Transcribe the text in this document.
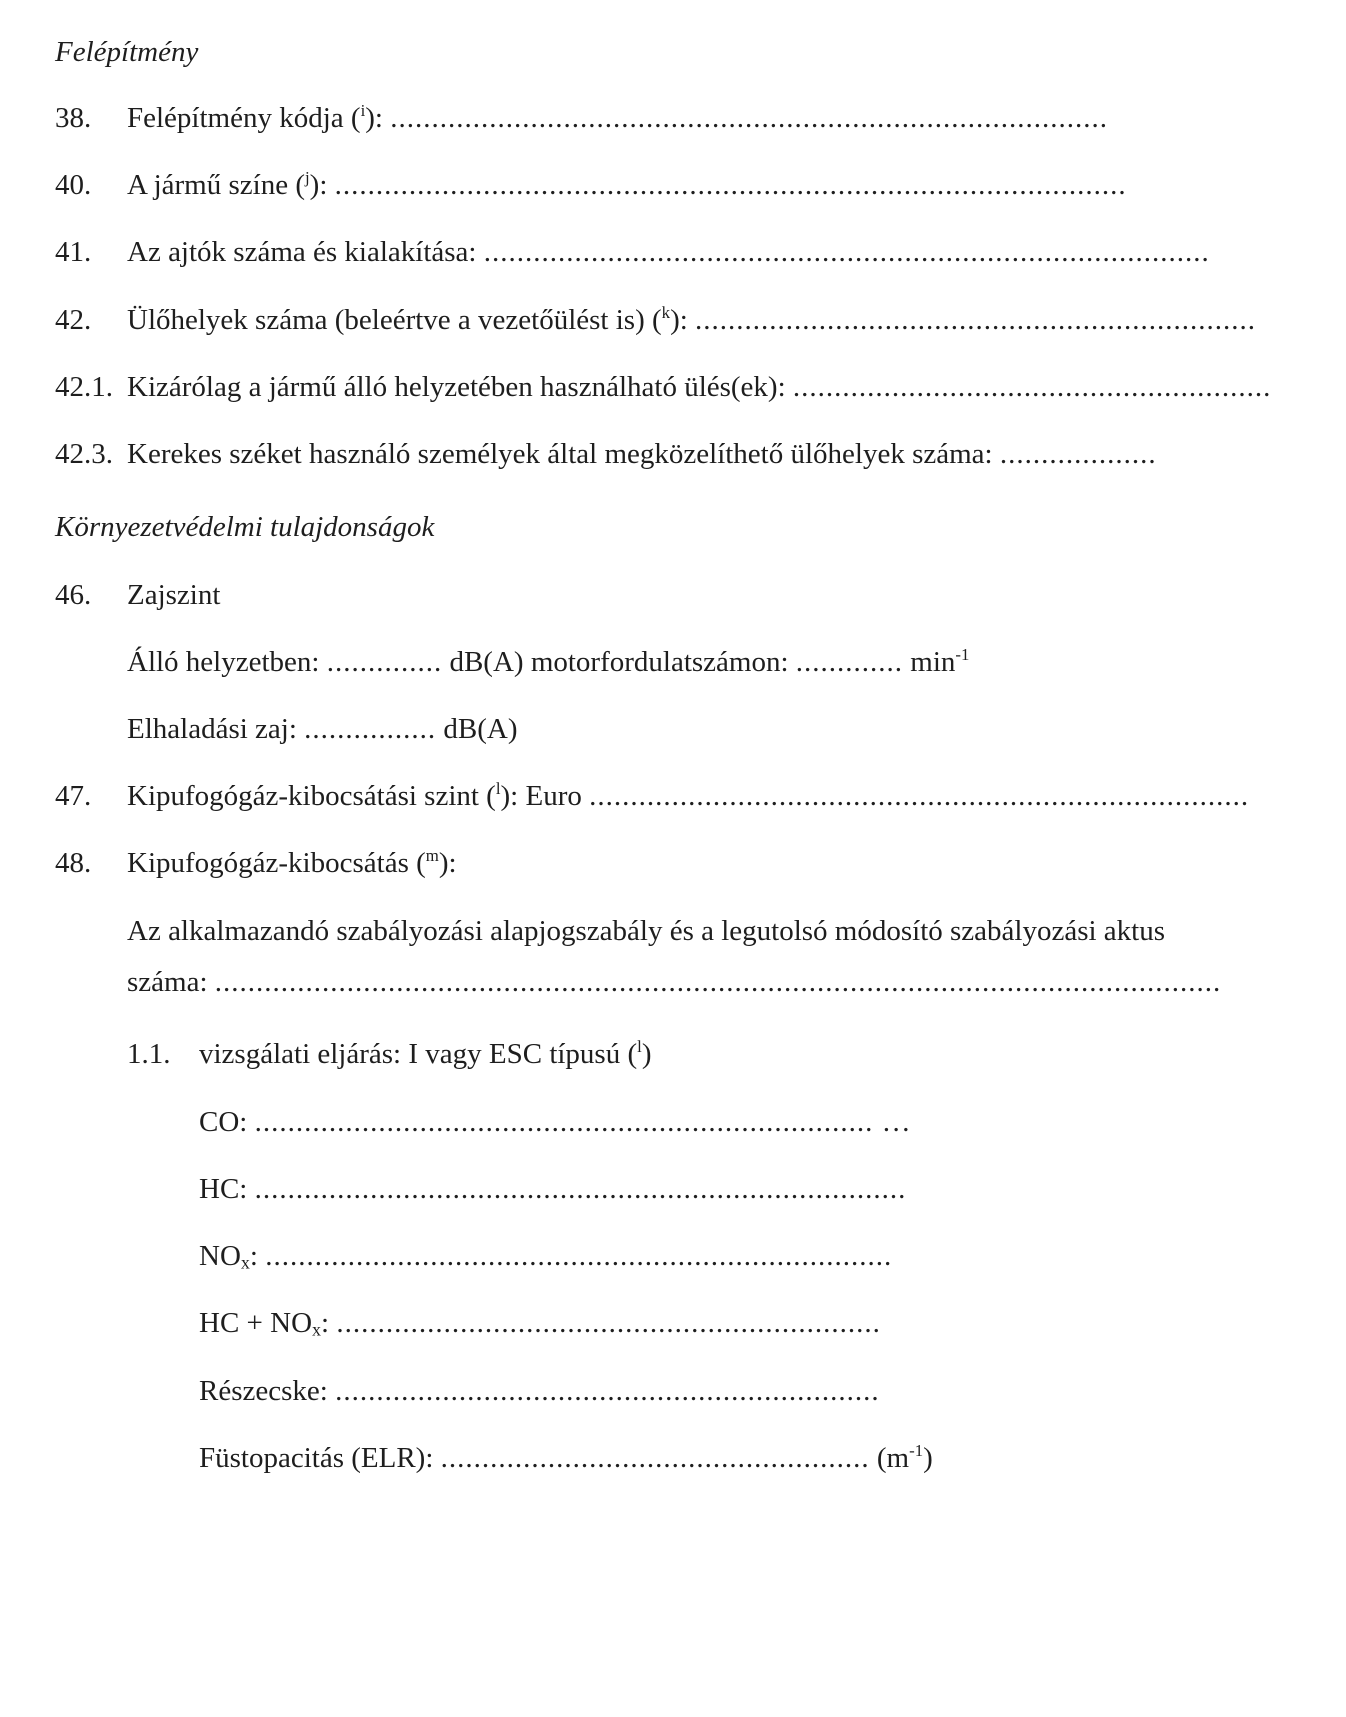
Felépítmény
38. Felépítmény kódja ($^i$): .......................................................................................
40. A jármű színe ($^j$): ................................................................................................
41. Az ajtók száma és kialakítása: ........................................................................................
42. Ülőhelyek száma (beleértve a vezetőülést is) ($^k$): ....................................................................
42.1. Kizárólag a jármű álló helyzetében használható ülés(ek): ..........................................................
42.3. Kerekes széket használó személyek által megközelíthető ülőhelyek száma: ...................
Környezetvédelmi tulajdonságok
46. Zajszint
Álló helyzetben: .............. dB(A) motorfordulatszámon: ............. $\min^{-1}$
Elhaladási zaj: ................ dB(A)
47. Kipufogógáz-kibocsátási szint ($^l$): Euro ................................................................................
48. Kipufogógáz-kibocsátás ($^m$):
Az alkalmazandó szabályozási alapjogszabály és a legutolsó módosító szabályozási aktus
száma: ..........................................................................................................................
1.1. vizsgálati eljárás: I vagy ESC típusú ($^l$)
CO: ........................................................................... …
HC: ...............................................................................
$NO_x$: ............................................................................
HC + $NO_x$: ..................................................................
Részecske: ..................................................................
Füstopacitás (ELR): .................................................... $(m^{-1})$
